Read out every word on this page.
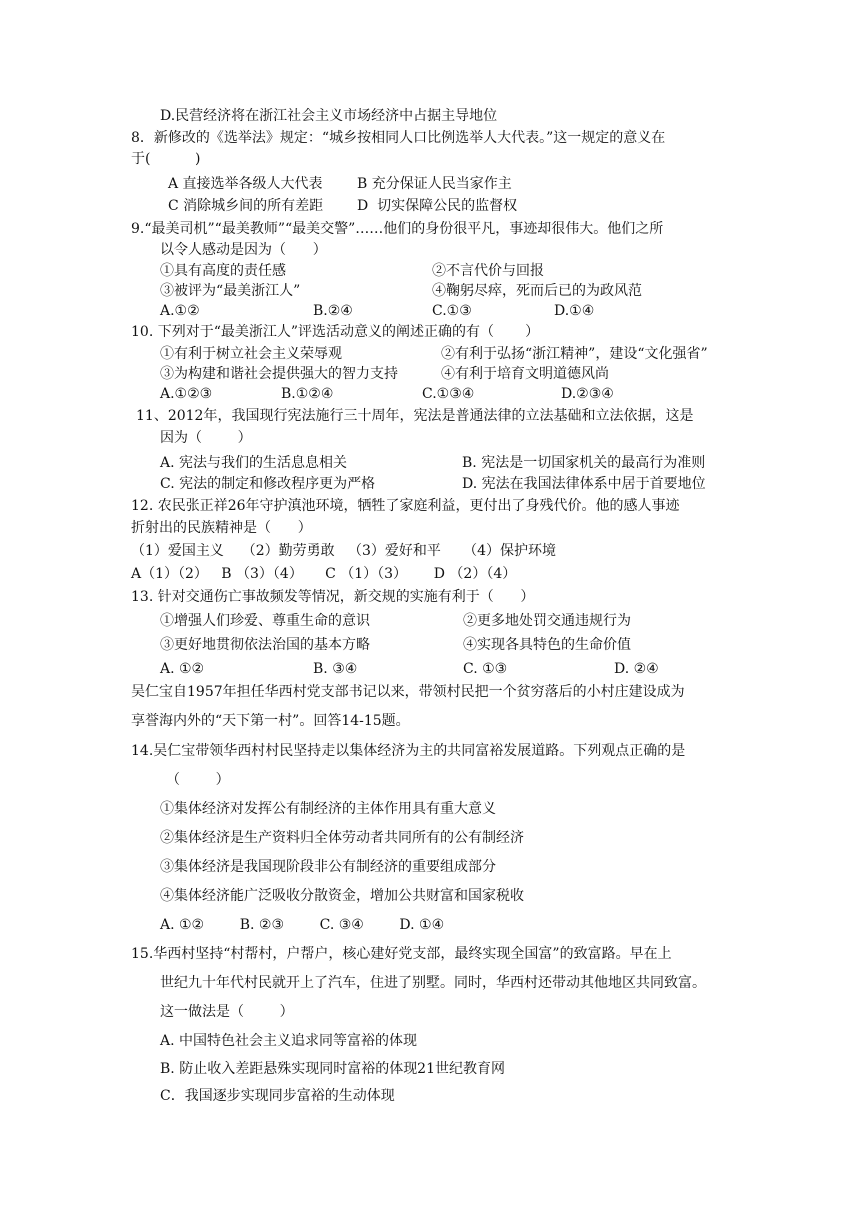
D.民营经济将在浙江社会主义市场经济中占据主导地位
8．新修改的《选举法》规定：“城乡按相同人口比例选举人大代表。”这一规定的意义在
于(          )
A 直接选举各级人大代表 B 充分保证人民当家作主
C 消除城乡间的所有差距 D  切实保障公民的监督权
9.“最美司机”“最美教师”“最美交警”……他们的身份很平凡，事迹却很伟大。他们之所
以令人感动是因为（      ）
①具有高度的责任感	②不言代价与回报
③被评为“最美浙江人”	④鞠躬尽瘁，死而后已的为政风范
A.①②	B.②④	C.①③	D.①④
10. 下列对于“最美浙江人”评选活动意义的阐述正确的有（       ）
①有利于树立社会主义荣辱观	②有利于弘扬“浙江精神”，建设“文化强省”
③为构建和谐社会提供强大的智力支持	④有利于培育文明道德风尚
A.①②③	B.①②④	C.①③④	D.②③④
11、2012年，我国现行宪法施行三十周年，宪法是普通法律的立法基础和立法依据，这是
因为（        ）
A. 宪法与我们的生活息息相关	B. 宪法是一切国家机关的最高行为准则
C. 宪法的制定和修改程序更为严格	D. 宪法在我国法律体系中居于首要地位
12. 农民张正祥26年守护滇池环境，牺牲了家庭利益，更付出了身残代价。他的感人事迹
折射出的民族精神是（      ）
（1）爱国主义    （2）勤劳勇敢   （3）爱好和平     （4）保护环境
A（1）（2）   B （3）（4）     C （1）（3）      D （2）（4）
13. 针对交通伤亡事故频发等情况，新交规的实施有利于（      ）
①增强人们珍爱、尊重生命的意识	②更多地处罚交通违规行为
③更好地贯彻依法治国的基本方略	④实现各具特色的生命价值
A. ①②	B. ③④	C. ①③	D. ②④
吴仁宝自1957年担任华西村党支部书记以来，带领村民把一个贫穷落后的小村庄建设成为
享誉海内外的“天下第一村”。回答14-15题。
14.吴仁宝带领华西村村民坚持走以集体经济为主的共同富裕发展道路。下列观点正确的是
（        ）
①集体经济对发挥公有制经济的主体作用具有重大意义
②集体经济是生产资料归全体劳动者共同所有的公有制经济
③集体经济是我国现阶段非公有制经济的重要组成部分
④集体经济能广泛吸收分散资金，增加公共财富和国家税收
A. ①②        B. ②③        C. ③④        D. ①④
15.华西村坚持“村帮村，户帮户，核心建好党支部，最终实现全国富”的致富路。早在上
世纪九十年代村民就开上了汽车，住进了别墅。同时，华西村还带动其他地区共同致富。
这一做法是（        ）
A. 中国特色社会主义追求同等富裕的体现
B. 防止收入差距悬殊实现同时富裕的体现21世纪教育网
C．我国逐步实现同步富裕的生动体现
